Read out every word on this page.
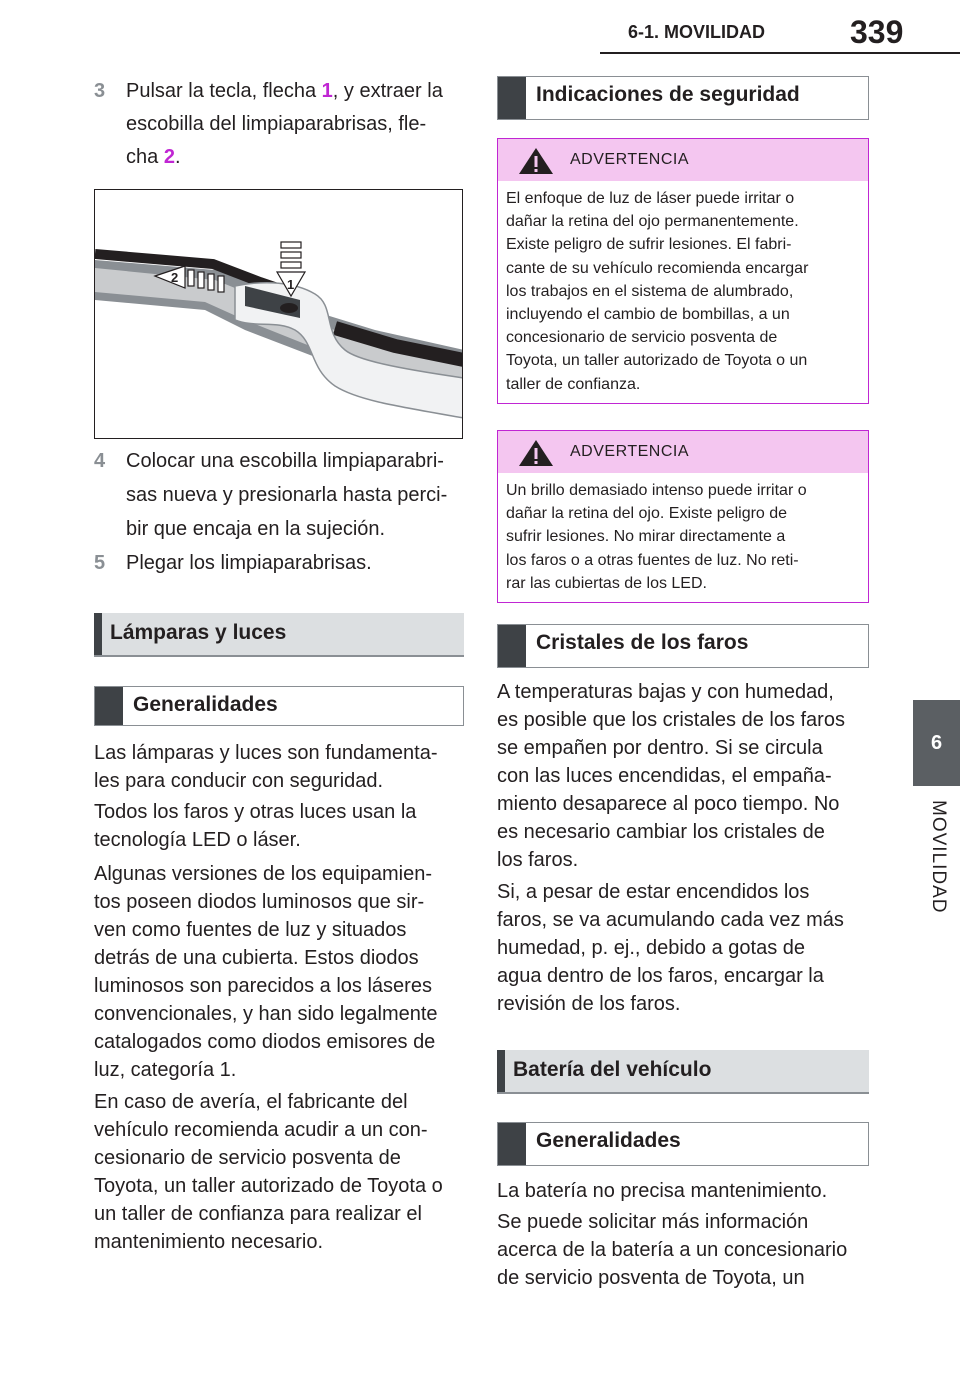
6-1. MOVILIDAD	339
6
MOVILIDAD
3 Pulsar la tecla, flecha 1, y extraer la
escobilla del limpiaparabrisas, fle-
cha 2.
1
2
4 Colocar una escobilla limpiaparabri-
sas nueva y presionarla hasta perci-
bir que encaja en la sujeción.
5 Plegar los limpiaparabrisas.
Lámparas y luces
Generalidades
Las lámparas y luces son fundamenta-
les para conducir con seguridad.
Todos los faros y otras luces usan la
tecnología LED o láser.
Algunas versiones de los equipamien-
tos poseen diodos luminosos que sir-
ven como fuentes de luz y situados
detrás de una cubierta. Estos diodos
luminosos son parecidos a los láseres
convencionales, y han sido legalmente
catalogados como diodos emisores de
luz, categoría 1.
En caso de avería, el fabricante del
vehículo recomienda acudir a un con-
cesionario de servicio posventa de
Toyota, un taller autorizado de Toyota o
un taller de confianza para realizar el
mantenimiento necesario.
Indicaciones de seguridad
ADVERTENCIA
El enfoque de luz de láser puede irritar o
dañar la retina del ojo permanentemente.
Existe peligro de sufrir lesiones. El fabri-
cante de su vehículo recomienda encargar
los trabajos en el sistema de alumbrado,
incluyendo el cambio de bombillas, a un
concesionario de servicio posventa de
Toyota, un taller autorizado de Toyota o un
taller de confianza.
ADVERTENCIA
Un brillo demasiado intenso puede irritar o
dañar la retina del ojo. Existe peligro de
sufrir lesiones. No mirar directamente a
los faros o a otras fuentes de luz. No reti-
rar las cubiertas de los LED.
Cristales de los faros
A temperaturas bajas y con humedad,
es posible que los cristales de los faros
se empañen por dentro. Si se circula
con las luces encendidas, el empaña-
miento desaparece al poco tiempo. No
es necesario cambiar los cristales de
los faros.
Si, a pesar de estar encendidos los
faros, se va acumulando cada vez más
humedad, p. ej., debido a gotas de
agua dentro de los faros, encargar la
revisión de los faros.
Batería del vehículo
Generalidades
La batería no precisa mantenimiento.
Se puede solicitar más información
acerca de la batería a un concesionario
de servicio posventa de Toyota, un
